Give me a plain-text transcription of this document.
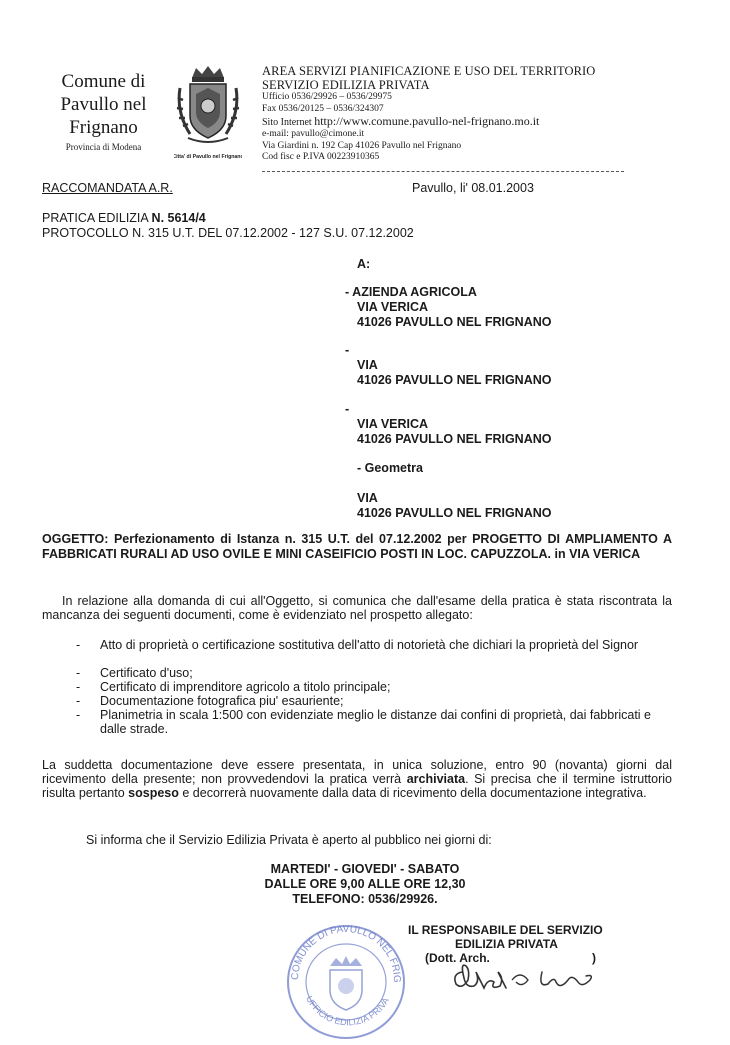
Comune di
Pavullo nel
Frignano
Provincia di Modena
Citta' di Pavullo nel Frignano
AREA SERVIZI PIANIFICAZIONE E USO DEL TERRITORIO
SERVIZIO EDILIZIA PRIVATA
Ufficio 0536/29926 – 0536/29975
Fax 0536/20125 – 0536/324307
Sito Internet http://www.comune.pavullo-nel-frignano.mo.it
e-mail: pavullo@cimone.it
Via Giardini n. 192 Cap 41026 Pavullo nel Frignano
Cod fisc e P.IVA 00223910365
RACCOMANDATA A.R.	Pavullo, li' 08.01.2003
PRATICA EDILIZIA N. 5614/4
PROTOCOLLO N. 315 U.T. DEL 07.12.2002 - 127 S.U. 07.12.2002
A:
- AZIENDA AGRICOLA
VIA VERICA
41026 PAVULLO NEL FRIGNANO
-
VIA
41026 PAVULLO NEL FRIGNANO
-
VIA VERICA
41026 PAVULLO NEL FRIGNANO
- Geometra
VIA
41026 PAVULLO NEL FRIGNANO
OGGETTO: Perfezionamento di Istanza n. 315 U.T. del 07.12.2002 per PROGETTO DI AMPLIAMENTO A FABBRICATI RURALI AD USO OVILE E MINI CASEIFICIO POSTI IN LOC. CAPUZZOLA. in VIA VERICA
In relazione alla domanda di cui all'Oggetto, si comunica che dall'esame della pratica è stata riscontrata la mancanza dei seguenti documenti, come è evidenziato nel prospetto allegato:
- Atto di proprietà o certificazione sostitutiva dell'atto di notorietà che dichiari la proprietà del Signor
- Certificato d'uso;
- Certificato di imprenditore agricolo a titolo principale;
- Documentazione fotografica piu' esauriente;
- Planimetria in scala 1:500 con evidenziate meglio le distanze dai confini di proprietà, dai fabbricati e dalle strade.
La suddetta documentazione deve essere presentata, in unica soluzione, entro 90 (novanta) giorni dal ricevimento della presente; non provvedendovi la pratica verrà archiviata. Si precisa che il termine istruttorio risulta pertanto sospeso e decorrerà nuovamente dalla data di ricevimento della documentazione integrativa.
Si informa che il Servizio Edilizia Privata è aperto al pubblico nei giorni di:
MARTEDI' - GIOVEDI' - SABATO
DALLE ORE 9,00 ALLE ORE 12,30
TELEFONO: 0536/29926.
COMUNE DI PAVULLO NEL FRIG
UFFICIO EDILIZIA PRIVA
IL RESPONSABILE DEL SERVIZIO
EDILIZIA PRIVATA
(Dott. Arch.	)
